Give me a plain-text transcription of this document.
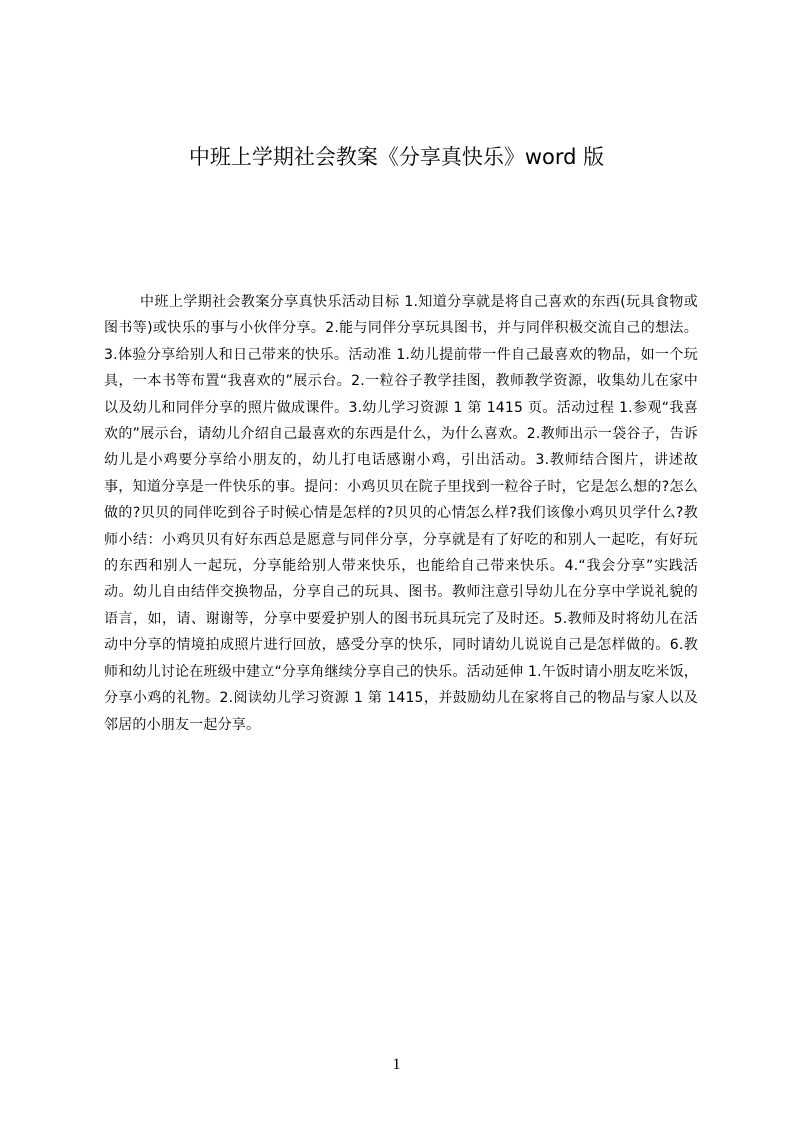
中班上学期社会教案《分享真快乐》word 版

中班上学期社会教案分享真快乐活动目标 1.知道分享就是将自己喜欢的东西(玩具食物或图书等)或快乐的事与小伙伴分享。2.能与同伴分享玩具图书，并与同伴积极交流自己的想法。3.体验分享给别人和日己带来的快乐。活动准 1.幼儿提前带一件自己最喜欢的物品，如一个玩具，一本书等布置“我喜欢的”展示台。2.一粒谷子教学挂图，教师教学资源，收集幼儿在家中以及幼儿和同伴分享的照片做成课件。3.幼儿学习资源 1 第 1415 页。活动过程 1.参观“我喜欢的”展示台，请幼儿介绍自己最喜欢的东西是什么，为什么喜欢。2.教师出示一袋谷子，告诉幼儿是小鸡要分享给小朋友的，幼儿打电话感谢小鸡，引出活动。3.教师结合图片，讲述故事，知道分享是一件快乐的事。提问：小鸡贝贝在院子里找到一粒谷子时，它是怎么想的?怎么做的?贝贝的同伴吃到谷子时候心情是怎样的?贝贝的心情怎么样?我们该像小鸡贝贝学什么?教师小结：小鸡贝贝有好东西总是愿意与同伴分享，分享就是有了好吃的和别人一起吃，有好玩的东西和别人一起玩，分享能给别人带来快乐，也能给自己带来快乐。4.“我会分享”实践活动。幼儿自由结伴交换物品，分享自己的玩具、图书。教师注意引导幼儿在分享中学说礼貌的语言，如，请、谢谢等，分享中要爱护别人的图书玩具玩完了及时还。5.教师及时将幼儿在活动中分享的情境拍成照片进行回放，感受分享的快乐，同时请幼儿说说自己是怎样做的。6.教师和幼儿讨论在班级中建立“分享角继续分享自己的快乐。活动延伸 1.午饭时请小朋友吃米饭，分享小鸡的礼物。2.阅读幼儿学习资源 1 第 1415，并鼓励幼儿在家将自己的物品与家人以及邻居的小朋友一起分享。

1
